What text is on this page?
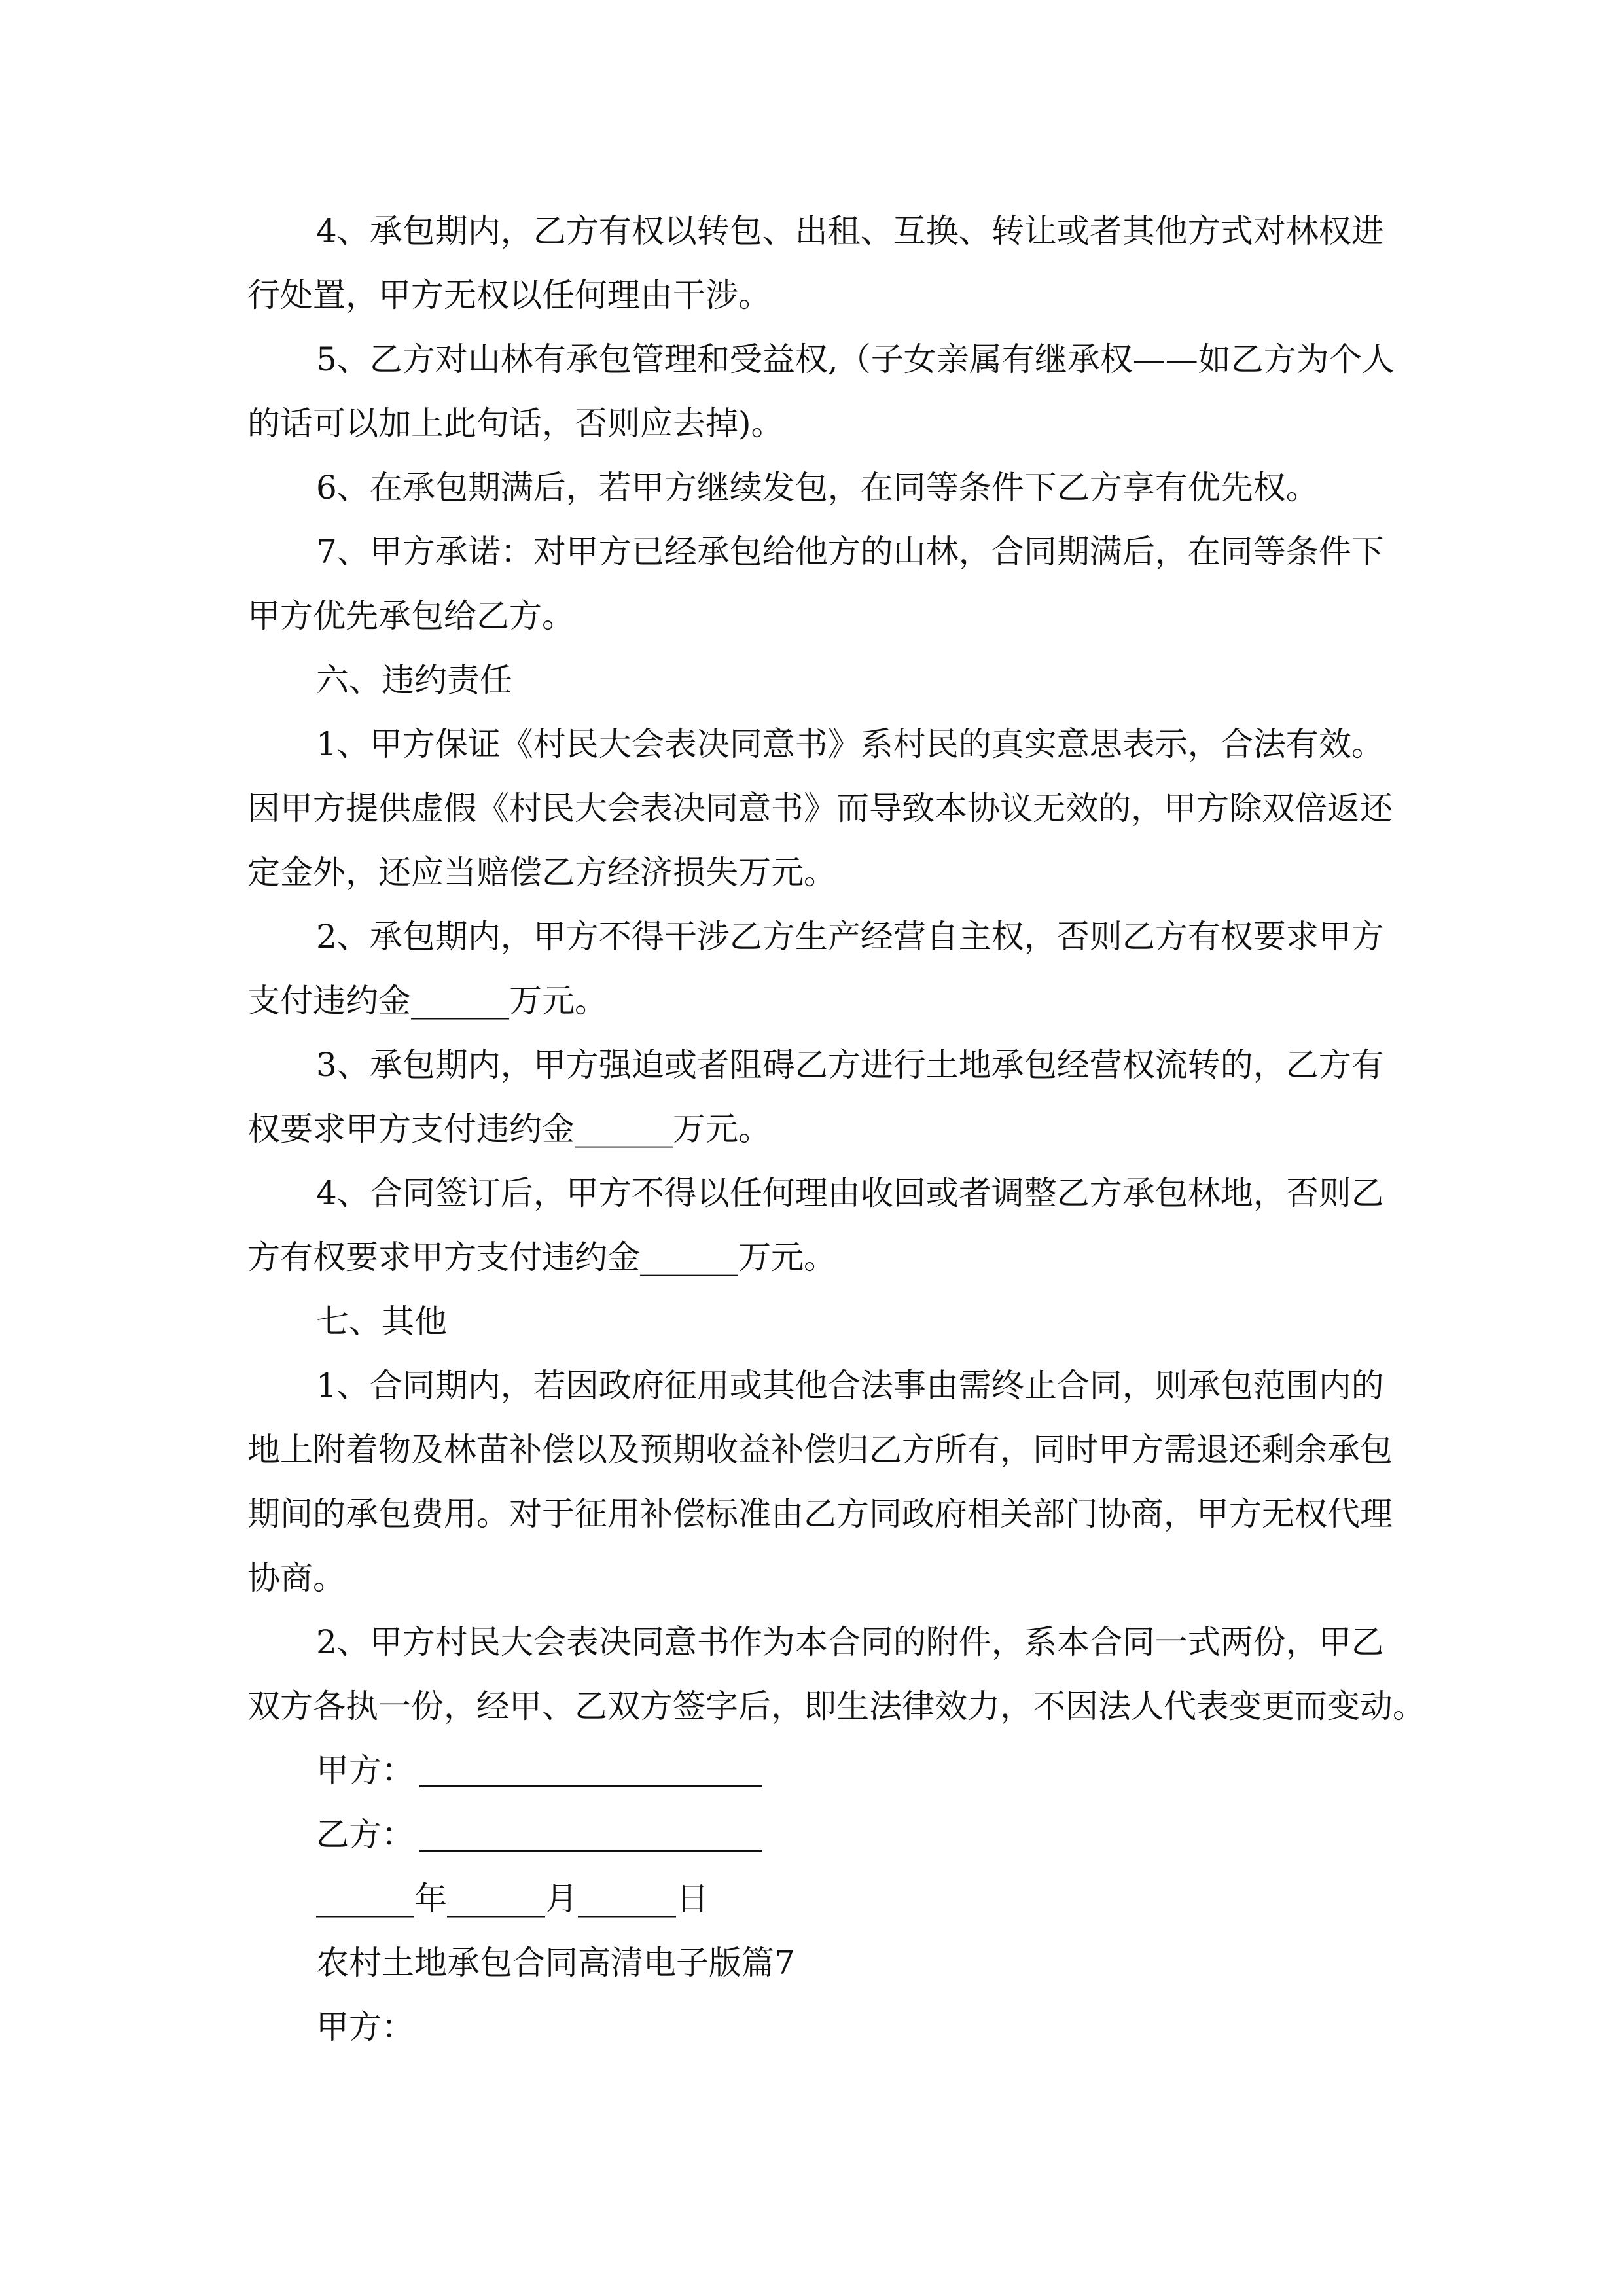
4、承包期内，乙方有权以转包、出租、互换、转让或者其他方式对林权进
行处置，甲方无权以任何理由干涉。
5、乙方对山林有承包管理和受益权,（子女亲属有继承权——如乙方为个人
的话可以加上此句话，否则应去掉)。
6、在承包期满后，若甲方继续发包，在同等条件下乙方享有优先权。
7、甲方承诺：对甲方已经承包给他方的山林，合同期满后，在同等条件下
甲方优先承包给乙方。
六、违约责任
1、甲方保证《村民大会表决同意书》系村民的真实意思表示，合法有效。
因甲方提供虚假《村民大会表决同意书》而导致本协议无效的，甲方除双倍返还
定金外，还应当赔偿乙方经济损失万元。
2、承包期内，甲方不得干涉乙方生产经营自主权，否则乙方有权要求甲方
支付违约金______万元。
3、承包期内，甲方强迫或者阻碍乙方进行土地承包经营权流转的，乙方有
权要求甲方支付违约金______万元。
4、合同签订后，甲方不得以任何理由收回或者调整乙方承包林地，否则乙
方有权要求甲方支付违约金______万元。
七、其他
1、合同期内，若因政府征用或其他合法事由需终止合同，则承包范围内的
地上附着物及林苗补偿以及预期收益补偿归乙方所有，同时甲方需退还剩余承包
期间的承包费用。对于征用补偿标准由乙方同政府相关部门协商，甲方无权代理
协商。
2、甲方村民大会表决同意书作为本合同的附件，系本合同一式两份，甲乙
双方各执一份，经甲、乙双方签字后，即生法律效力，不因法人代表变更而变动。
甲方：
乙方：
______年______月______日
农村土地承包合同高清电子版篇7
甲方：
